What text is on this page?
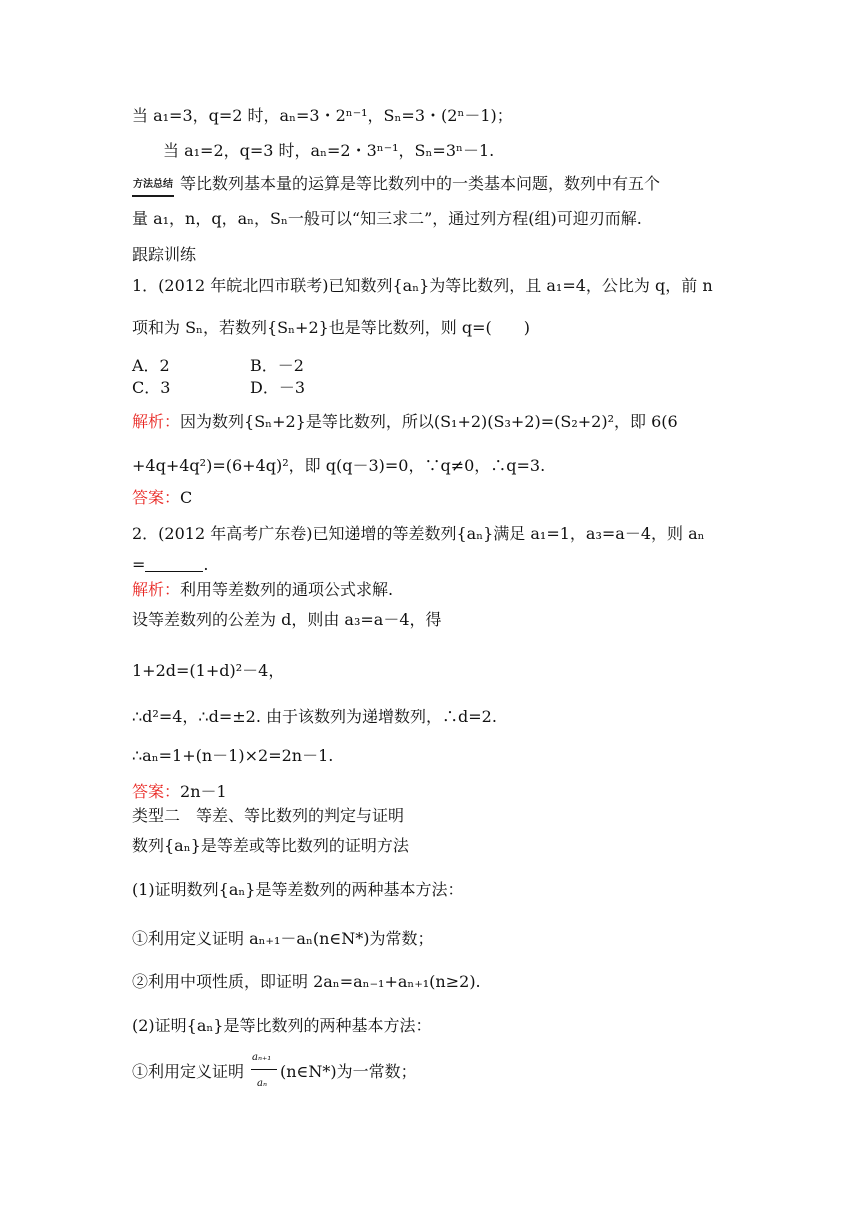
当 a₁=3，q=2 时，aₙ=3・2ⁿ⁻¹，Sₙ=3・(2ⁿ－1)；
当 a₁=2，q=3 时，aₙ=2・3ⁿ⁻¹，Sₙ=3ⁿ－1.
方法总结 等比数列基本量的运算是等比数列中的一类基本问题，数列中有五个
量 a₁，n，q，aₙ，Sₙ一般可以“知三求二”，通过列方程(组)可迎刃而解.
跟踪训练
1．(2012 年皖北四市联考)已知数列{aₙ}为等比数列，且 a₁=4，公比为 q，前 n
项和为 Sₙ，若数列{Sₙ+2}也是等比数列，则 q=(　　)
A．2	B．－2
C．3	D．－3
解析：因为数列{Sₙ+2}是等比数列，所以(S₁+2)(S₃+2)=(S₂+2)²，即 6(6
+4q+4q²)=(6+4q)²，即 q(q－3)=0，∵q≠0，∴q=3.
答案：C
2．(2012 年高考广东卷)已知递增的等差数列{aₙ}满足 a₁=1，a₃=a－4，则 aₙ
=	.
解析：利用等差数列的通项公式求解.
设等差数列的公差为 d，则由 a₃=a－4，得
1+2d=(1+d)²－4，
∴d²=4，∴d=±2. 由于该数列为递增数列，∴d=2.
∴aₙ=1+(n－1)×2=2n－1.
答案：2n－1
类型二　等差、等比数列的判定与证明
数列{aₙ}是等差或等比数列的证明方法
(1)证明数列{aₙ}是等差数列的两种基本方法：
①利用定义证明 aₙ₊₁－aₙ(n∈N*)为常数；
②利用中项性质，即证明 2aₙ=aₙ₋₁+aₙ₊₁(n≥2).
(2)证明{aₙ}是等比数列的两种基本方法：
①利用定义证明
aₙ₊₁
aₙ
(n∈N*)为一常数；
